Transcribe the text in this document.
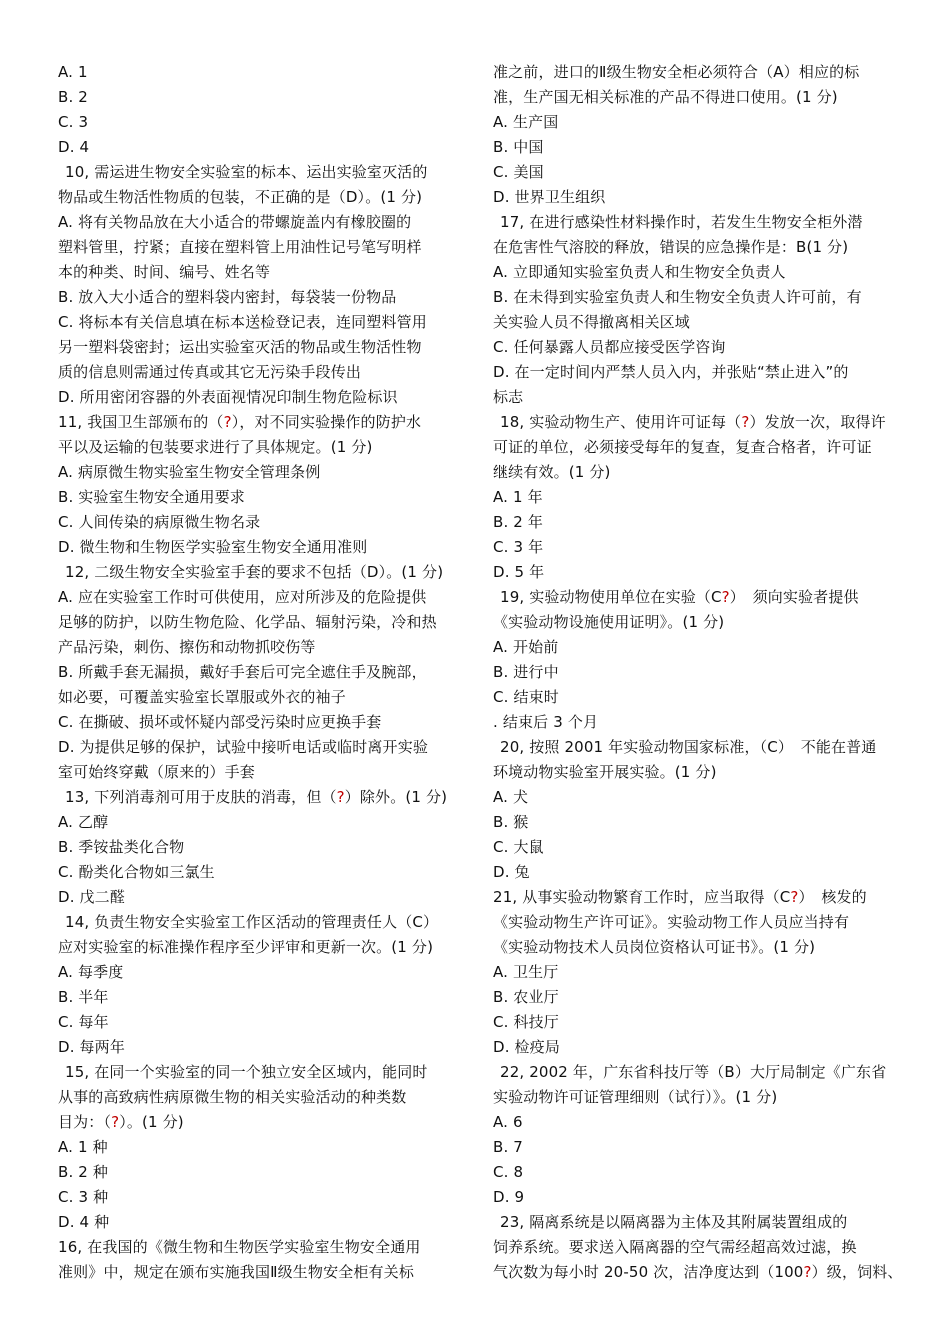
A. 1
B. 2
C. 3
D. 4
10, 需运进生物安全实验室的标本、运出实验室灭活的
物品或生物活性物质的包装，不正确的是（D）。(1 分)
A. 将有关物品放在大小适合的带螺旋盖内有橡胶圈的
塑料管里，拧紧；直接在塑料管上用油性记号笔写明样
本的种类、时间、编号、姓名等
B. 放入大小适合的塑料袋内密封，每袋装一份物品
C. 将标本有关信息填在标本送检登记表，连同塑料管用
另一塑料袋密封；运出实验室灭活的物品或生物活性物
质的信息则需通过传真或其它无污染手段传出
D. 所用密闭容器的外表面视情况印制生物危险标识
11, 我国卫生部颁布的（?），对不同实验操作的防护水
平以及运输的包装要求进行了具体规定。(1 分)
A. 病原微生物实验室生物安全管理条例
B. 实验室生物安全通用要求
C. 人间传染的病原微生物名录
D. 微生物和生物医学实验室生物安全通用准则
12, 二级生物安全实验室手套的要求不包括（D）。(1 分)
A. 应在实验室工作时可供使用，应对所涉及的危险提供
足够的防护，以防生物危险、化学品、辐射污染，冷和热
产品污染，刺伤、擦伤和动物抓咬伤等
B. 所戴手套无漏损，戴好手套后可完全遮住手及腕部，
如必要，可覆盖实验室长罩服或外衣的袖子
C. 在撕破、损坏或怀疑内部受污染时应更换手套
D. 为提供足够的保护，试验中接听电话或临时离开实验
室可始终穿戴（原来的）手套
13, 下列消毒剂可用于皮肤的消毒，但（?）除外。(1 分)
A. 乙醇
B. 季铵盐类化合物
C. 酚类化合物如三氯生
D. 戊二醛
14, 负责生物安全实验室工作区活动的管理责任人（C）
应对实验室的标准操作程序至少评审和更新一次。(1 分)
A. 每季度
B. 半年
C. 每年
D. 每两年
15, 在同一个实验室的同一个独立安全区域内，能同时
从事的高致病性病原微生物的相关实验活动的种类数
目为：（?）。(1 分)
A. 1 种
B. 2 种
C. 3 种
D. 4 种
16, 在我国的《微生物和生物医学实验室生物安全通用
准则》中，规定在颁布实施我国Ⅱ级生物安全柜有关标
准之前，进口的Ⅱ级生物安全柜必须符合（A）相应的标
准，生产国无相关标准的产品不得进口使用。(1 分)
A. 生产国
B. 中国
C. 美国
D. 世界卫生组织
17, 在进行感染性材料操作时，若发生生物安全柜外潜
在危害性气溶胶的释放，错误的应急操作是：B(1 分)
A. 立即通知实验室负责人和生物安全负责人
B. 在未得到实验室负责人和生物安全负责人许可前，有
关实验人员不得撤离相关区域
C. 任何暴露人员都应接受医学咨询
D. 在一定时间内严禁人员入内，并张贴“禁止进入”的
标志
18, 实验动物生产、使用许可证每（?）发放一次，取得许
可证的单位，必须接受每年的复查，复查合格者，许可证
继续有效。(1 分)
A. 1 年
B. 2 年
C. 3 年
D. 5 年
19, 实验动物使用单位在实验（C?）　须向实验者提供
《实验动物设施使用证明》。(1 分)
A. 开始前
B. 进行中
C. 结束时
. 结束后 3 个月
20, 按照 2001 年实验动物国家标准，（C）　不能在普通
环境动物实验室开展实验。(1 分)
A. 犬
B. 猴
C. 大鼠
D. 兔
21, 从事实验动物繁育工作时，应当取得（C?）　核发的
《实验动物生产许可证》。实验动物工作人员应当持有
《实验动物技术人员岗位资格认可证书》。(1 分)
A. 卫生厅
B. 农业厅
C. 科技厅
D. 检疫局
22, 2002 年，广东省科技厅等（B）大厅局制定《广东省
实验动物许可证管理细则（试行）》。(1 分)
A. 6
B. 7
C. 8
D. 9
23, 隔离系统是以隔离器为主体及其附属装置组成的
饲养系统。要求送入隔离器的空气需经超高效过滤，换
气次数为每小时 20-50 次，洁净度达到（100?）级，饲料、
